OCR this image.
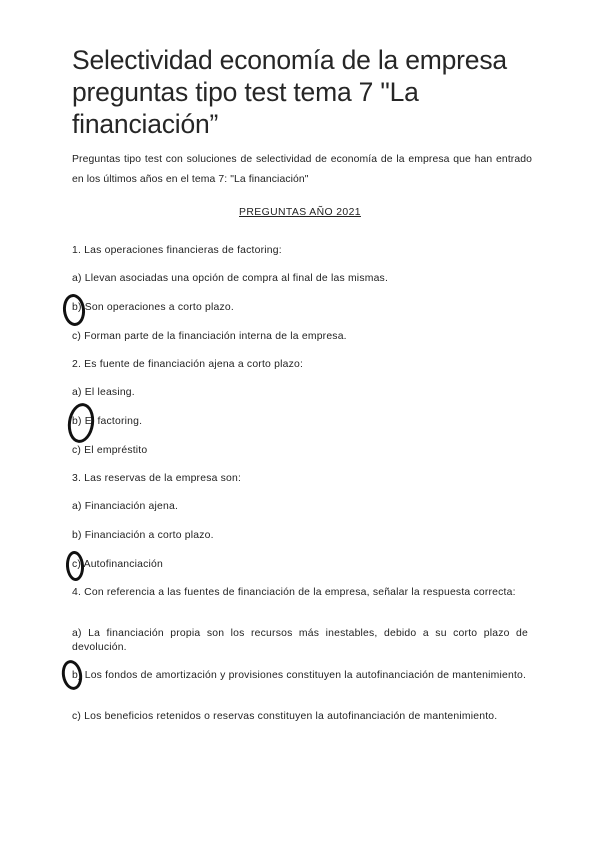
Selectividad economía de la empresa preguntas tipo test tema 7 "La financiación”

Preguntas tipo test con soluciones de selectividad de economía de la empresa que han entrado en los últimos años en el tema 7: "La financiación"

PREGUNTAS AÑO 2021
1. Las operaciones financieras de factoring:
a) Llevan asociadas una opción de compra al final de las mismas.
b) Son operaciones a corto plazo.
c) Forman parte de la financiación interna de la empresa.
2. Es fuente de financiación ajena a corto plazo:
a) El leasing.
b) El factoring.
c) El empréstito
3. Las reservas de la empresa son:
a) Financiación ajena.
b) Financiación a corto plazo.
c) Autofinanciación
4. Con referencia a las fuentes de financiación de la empresa, señalar la respuesta correcta:
a) La financiación propia son los recursos más inestables, debido a su corto plazo de devolución.
b) Los fondos de amortización y provisiones constituyen la autofinanciación de mantenimiento.
c) Los beneficios retenidos o reservas constituyen la autofinanciación de mantenimiento.
